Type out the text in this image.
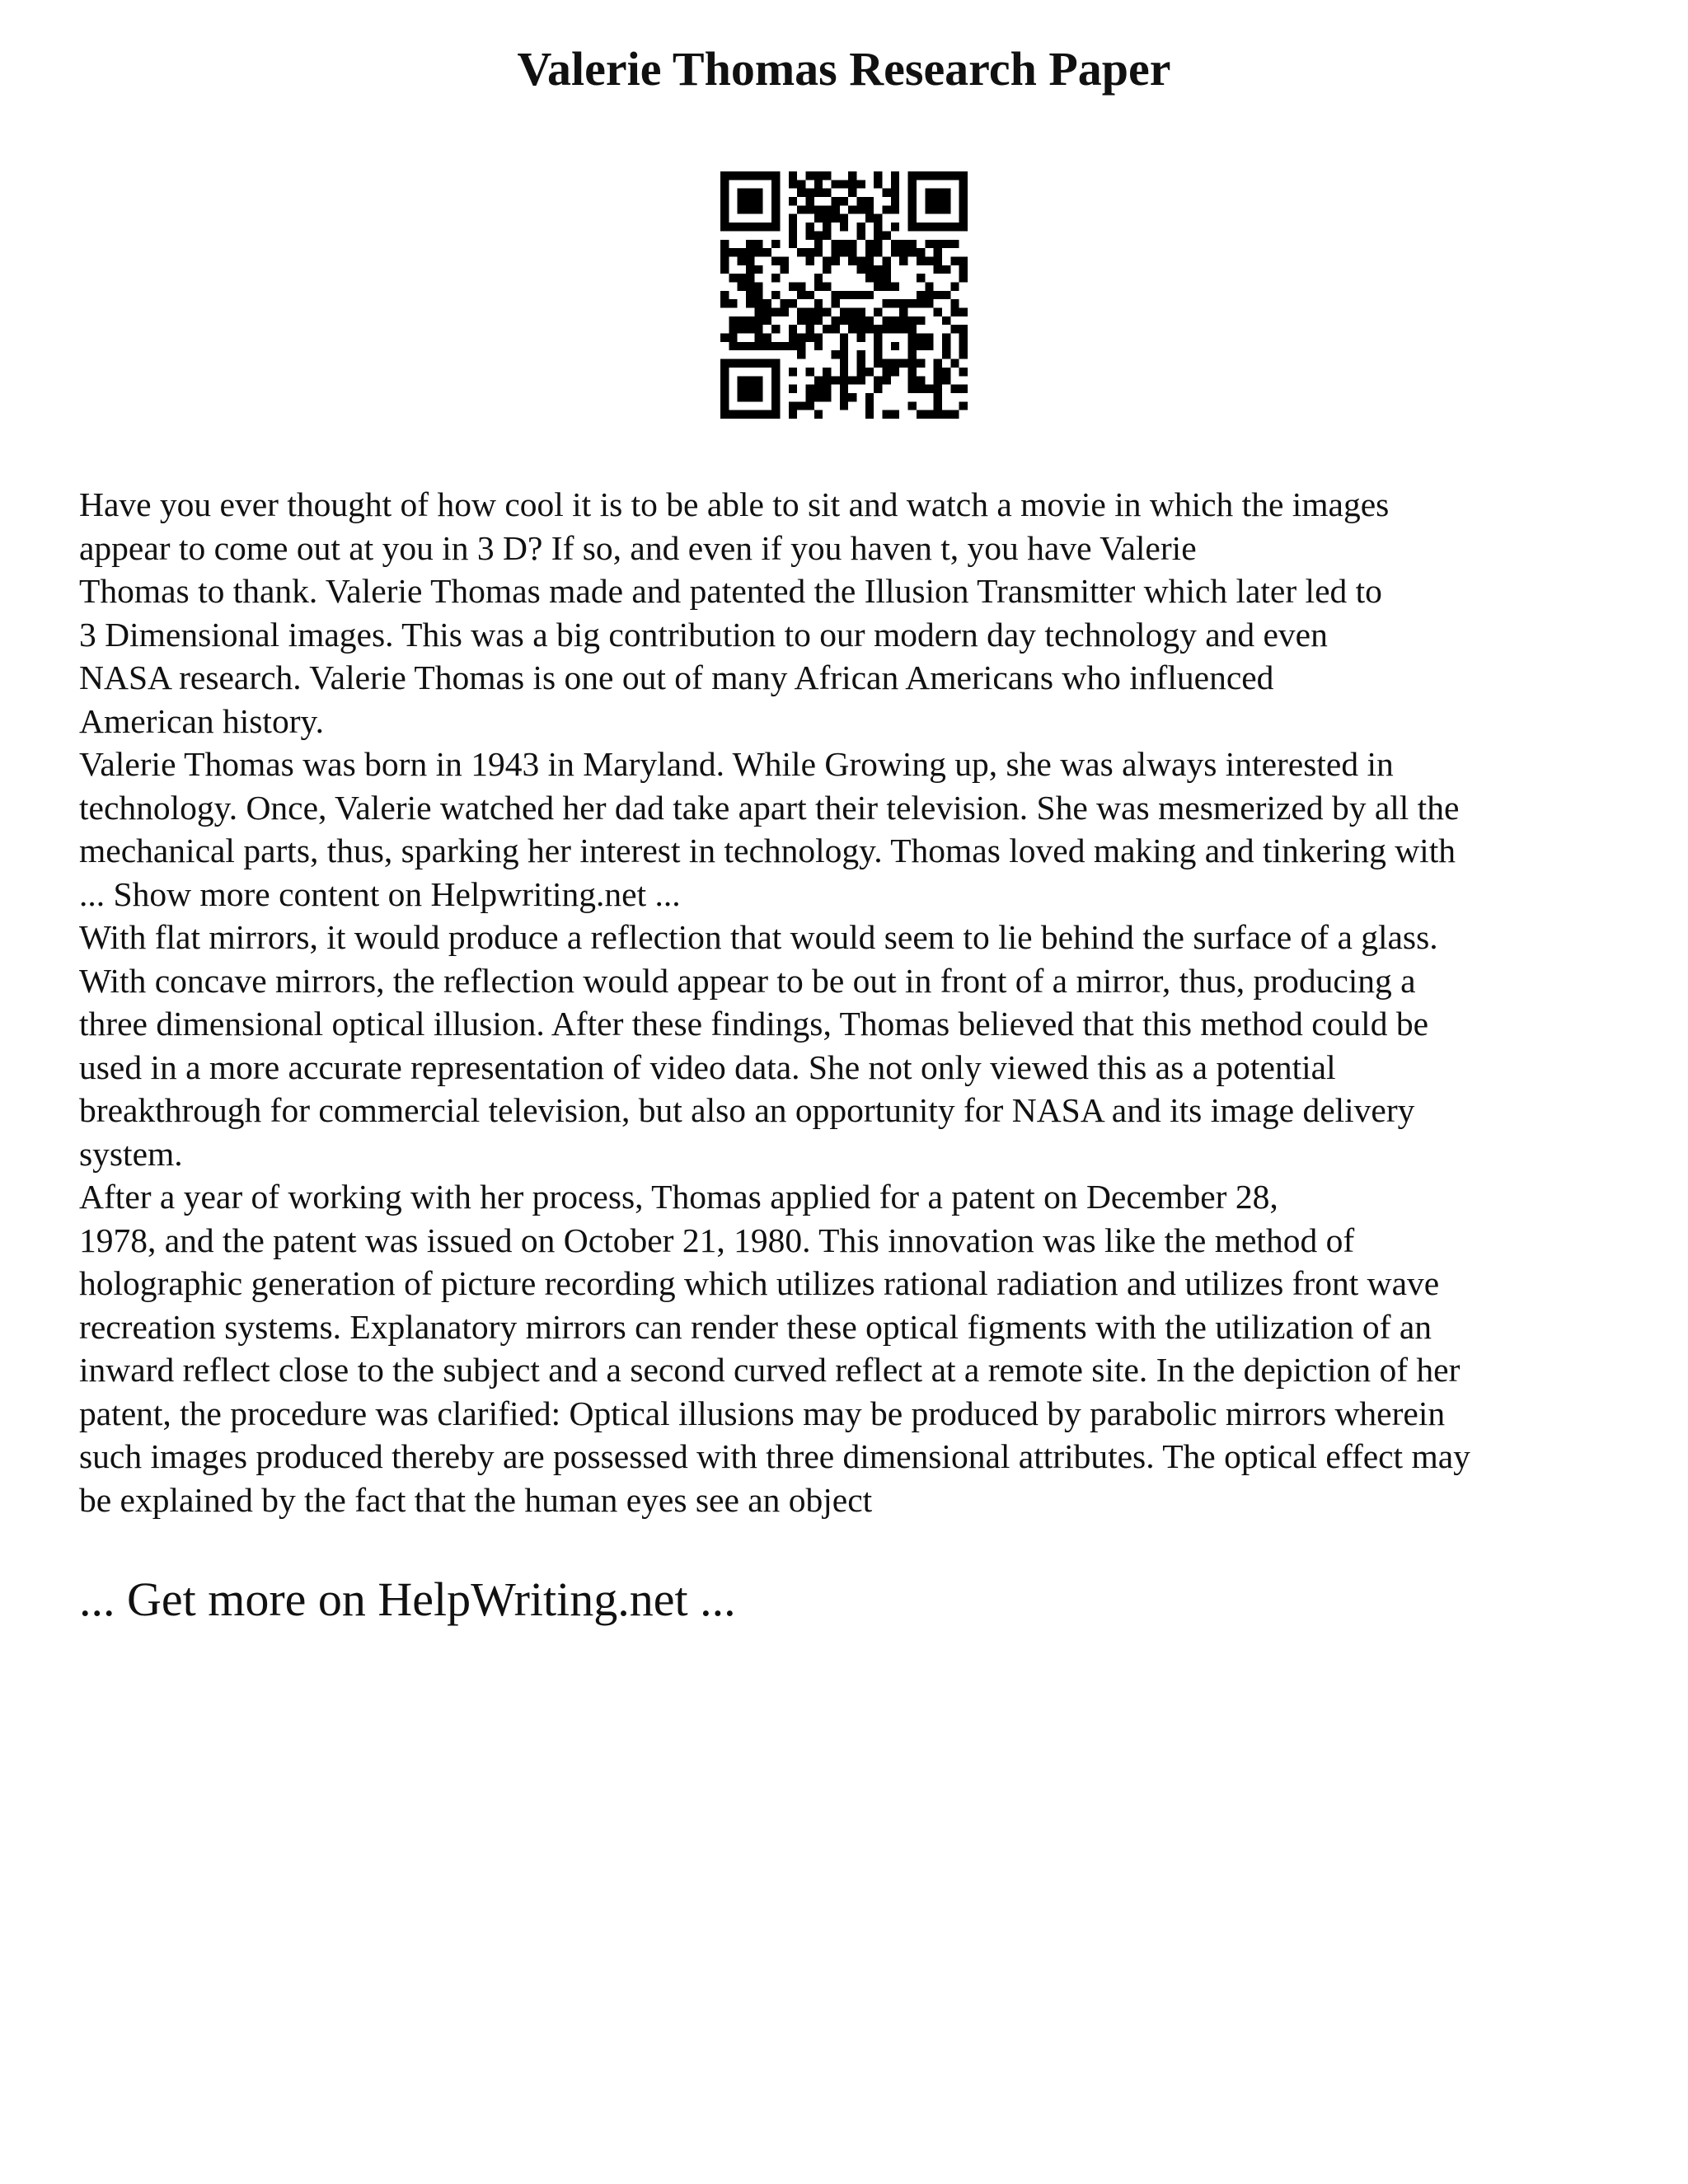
Valerie Thomas Research Paper
Have you ever thought of how cool it is to be able to sit and watch a movie in which the images
appear to come out at you in 3 D? If so, and even if you haven t, you have Valerie
Thomas to thank. Valerie Thomas made and patented the Illusion Transmitter which later led to
3 Dimensional images. This was a big contribution to our modern day technology and even
NASA research. Valerie Thomas is one out of many African Americans who influenced
American history.
Valerie Thomas was born in 1943 in Maryland. While Growing up, she was always interested in
technology. Once, Valerie watched her dad take apart their television. She was mesmerized by all the
mechanical parts, thus, sparking her interest in technology. Thomas loved making and tinkering with
... Show more content on Helpwriting.net ...
With flat mirrors, it would produce a reflection that would seem to lie behind the surface of a glass.
With concave mirrors, the reflection would appear to be out in front of a mirror, thus, producing a
three dimensional optical illusion. After these findings, Thomas believed that this method could be
used in a more accurate representation of video data. She not only viewed this as a potential
breakthrough for commercial television, but also an opportunity for NASA and its image delivery
system.
After a year of working with her process, Thomas applied for a patent on December 28,
1978, and the patent was issued on October 21, 1980. This innovation was like the method of
holographic generation of picture recording which utilizes rational radiation and utilizes front wave
recreation systems. Explanatory mirrors can render these optical figments with the utilization of an
inward reflect close to the subject and a second curved reflect at a remote site. In the depiction of her
patent, the procedure was clarified: Optical illusions may be produced by parabolic mirrors wherein
such images produced thereby are possessed with three dimensional attributes. The optical effect may
be explained by the fact that the human eyes see an object
... Get more on HelpWriting.net ...
